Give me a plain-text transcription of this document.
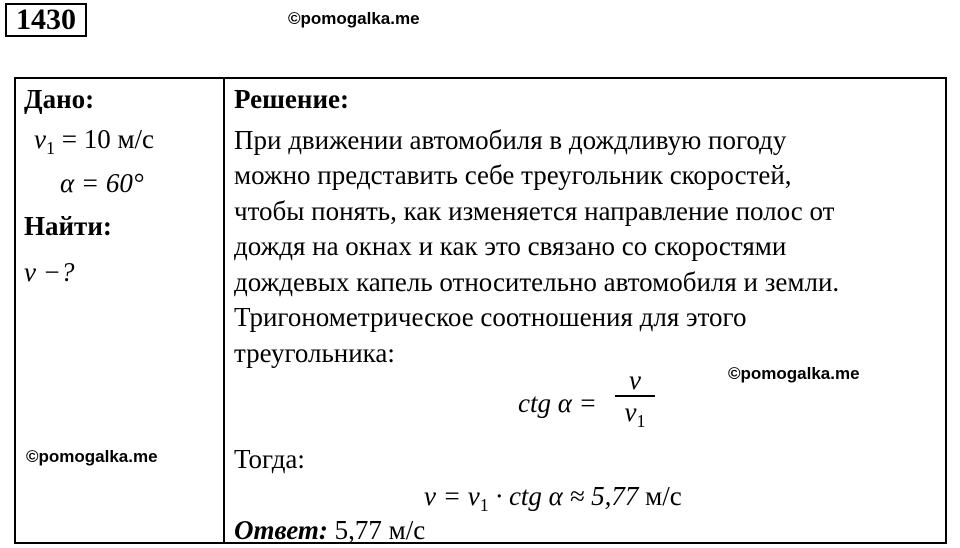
1430	©pomogalka.me
Дано:
$v_1 = 10$ м/с
α = 60°
Найти:
v −?
Решение:
При движении автомобиля в дождливую погоду
можно представить себе треугольник скоростей,
чтобы понять, как изменяется направление полос от
дождя на окнах и как это связано со скоростями
дождевых капель относительно автомобиля и земли.
Тригонометрическое соотношения для этого
треугольника:
ctg α =
Тогда:
$v = v_1$ · ctg α ≈ 5,77 м/с
Ответ: 5,77 м/с
v
$v_1$
©pomogalka.me
©pomogalka.me
